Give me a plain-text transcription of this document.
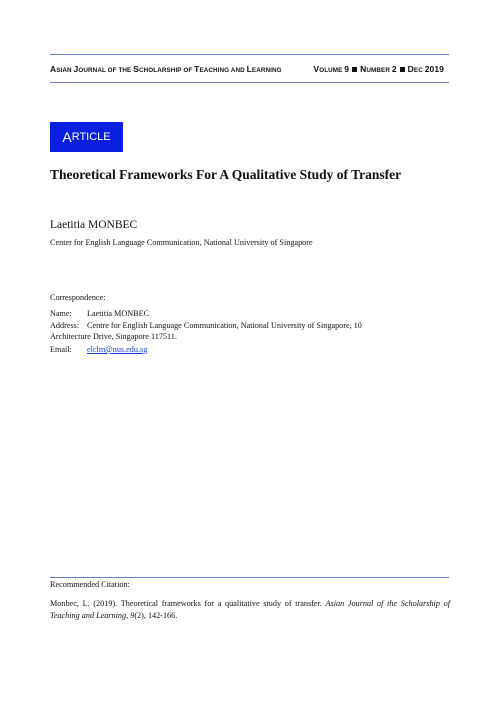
ASIAN JOURNAL OF THE SCHOLARSHIP OF TEACHING AND LEARNING	VOLUME 9 NUMBER 2 DEC 2019
A RTICLE
Theoretical Frameworks For A Qualitative Study of Transfer
Laetitia MONBEC
Center for English Language Communication, National University of Singapore
Correspondence:
Name: Laetitia MONBEC
Address: Centre for English Language Communication, National University of Singapore, 10
Architecture Drive, Singapore 117511.
Email: elclm@nus.edu.sg
Recommended Citation:
Monbec, L. (2019). Theoretical frameworks for a qualitative study of transfer. Asian Journal of the Scholarship of Teaching and Learning, 9(2), 142-166.
